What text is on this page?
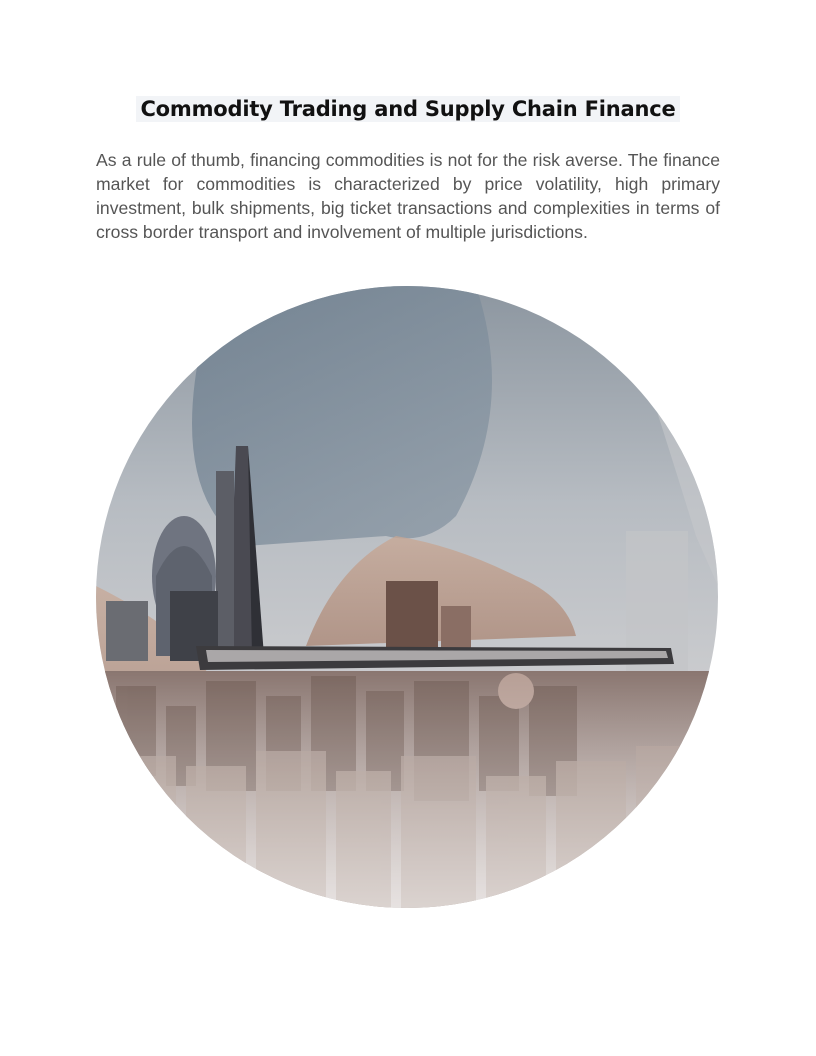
Commodity Trading and Supply Chain Finance

As a rule of thumb, financing commodities is not for the risk averse. The finance market for commodities is characterized by price volatility, high primary investment, bulk shipments, big ticket transactions and complexities in terms of cross border transport and involvement of multiple jurisdictions.
